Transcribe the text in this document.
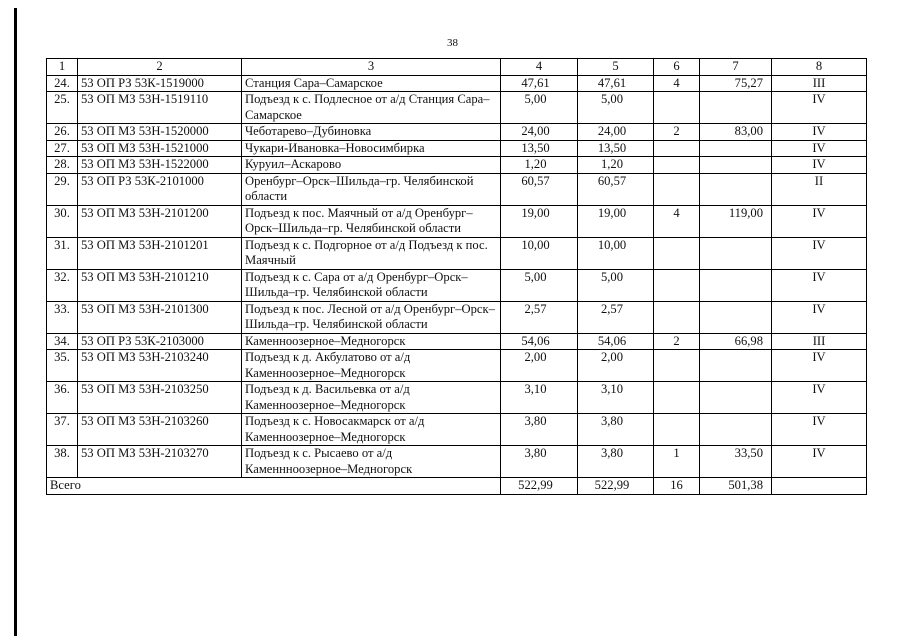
38
1	2	3	4	5	6	7	8
24.	53 ОП РЗ 53К-1519000	Станция Сара–Самарское	47,61	47,61	4	75,27	III
25.	53 ОП МЗ 53Н-1519110	Подъезд к с. Подлесное от а/д Станция Сара–Самарское	5,00	5,00			IV
26.	53 ОП МЗ 53Н-1520000	Чеботарево–Дубиновка	24,00	24,00	2	83,00	IV
27.	53 ОП МЗ 53Н-1521000	Чукари-Ивановка–Новосимбирка	13,50	13,50			IV
28.	53 ОП МЗ 53Н-1522000	Куруил–Аскарово	1,20	1,20			IV
29.	53 ОП РЗ 53К-2101000	Оренбург–Орск–Шильда–гр. Челябинской области	60,57	60,57			II
30.	53 ОП МЗ 53Н-2101200	Подъезд к пос. Маячный от а/д Оренбург–Орск–Шильда–гр. Челябинской области	19,00	19,00	4	119,00	IV
31.	53 ОП МЗ 53Н-2101201	Подъезд к с. Подгорное от а/д Подъезд к пос. Маячный	10,00	10,00			IV
32.	53 ОП МЗ 53Н-2101210	Подъезд к с. Сара от а/д Оренбург–Орск–Шильда–гр. Челябинской области	5,00	5,00			IV
33.	53 ОП МЗ 53Н-2101300	Подъезд к пос. Лесной от а/д Оренбург–Орск–Шильда–гр. Челябинской области	2,57	2,57			IV
34.	53 ОП РЗ 53К-2103000	Каменноозерное–Медногорск	54,06	54,06	2	66,98	III
35.	53 ОП МЗ 53Н-2103240	Подъезд к д. Акбулатово от а/д Каменноозерное–Медногорск	2,00	2,00			IV
36.	53 ОП МЗ 53Н-2103250	Подъезд к д. Васильевка от а/д Каменноозерное–Медногорск	3,10	3,10			IV
37.	53 ОП МЗ 53Н-2103260	Подъезд к с. Новосакмарск от а/д Каменноозерное–Медногорск	3,80	3,80			IV
38.	53 ОП МЗ 53Н-2103270	Подъезд к с. Рысаево от а/д Каменнноозерное–Медногорск	3,80	3,80	1	33,50	IV
Всего			522,99	522,99	16	501,38	
